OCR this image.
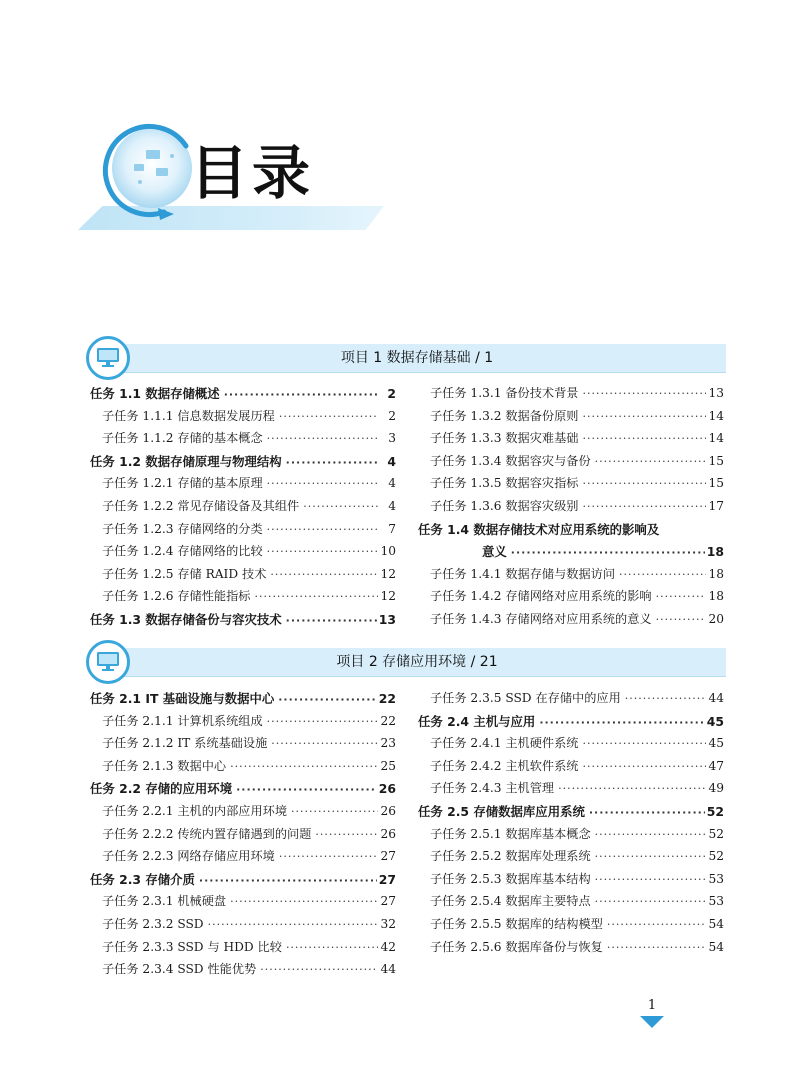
目录
项目 1 数据存储基础 / 1
任务 1.1 数据存储概述 ·····	2
子任务 1.1.1 信息数据发展历程 ·····	2
子任务 1.1.2 存储的基本概念 ·····	3
任务 1.2 数据存储原理与物理结构 ·····	4
子任务 1.2.1 存储的基本原理 ·····	4
子任务 1.2.2 常见存储设备及其组件 ·····	4
子任务 1.2.3 存储网络的分类 ·····	7
子任务 1.2.4 存储网络的比较 ·····	10
子任务 1.2.5 存储 RAID 技术 ·····	12
子任务 1.2.6 存储性能指标 ·····	12
任务 1.3 数据存储备份与容灾技术 ·····	13
子任务 1.3.1 备份技术背景 ·····	13
子任务 1.3.2 数据备份原则 ·····	14
子任务 1.3.3 数据灾难基础 ·····	14
子任务 1.3.4 数据容灾与备份 ·····	15
子任务 1.3.5 数据容灾指标 ·····	15
子任务 1.3.6 数据容灾级别 ·····	17
任务 1.4 数据存储技术对应用系统的影响及
意义 ·····	18
子任务 1.4.1 数据存储与数据访问 ·····	18
子任务 1.4.2 存储网络对应用系统的影响 ·····	18
子任务 1.4.3 存储网络对应用系统的意义 ·····	20
项目 2 存储应用环境 / 21
任务 2.1 IT 基础设施与数据中心 ·····	22
子任务 2.1.1 计算机系统组成 ·····	22
子任务 2.1.2 IT 系统基础设施 ·····	23
子任务 2.1.3 数据中心 ·····	25
任务 2.2 存储的应用环境 ·····	26
子任务 2.2.1 主机的内部应用环境 ·····	26
子任务 2.2.2 传统内置存储遇到的问题 ·····	26
子任务 2.2.3 网络存储应用环境 ·····	27
任务 2.3 存储介质 ·····	27
子任务 2.3.1 机械硬盘 ·····	27
子任务 2.3.2 SSD ·····	32
子任务 2.3.3 SSD 与 HDD 比较 ·····	42
子任务 2.3.4 SSD 性能优势 ·····	44
子任务 2.3.5 SSD 在存储中的应用 ·····	44
任务 2.4 主机与应用 ·····	45
子任务 2.4.1 主机硬件系统 ·····	45
子任务 2.4.2 主机软件系统 ·····	47
子任务 2.4.3 主机管理 ·····	49
任务 2.5 存储数据库应用系统 ·····	52
子任务 2.5.1 数据库基本概念 ·····	52
子任务 2.5.2 数据库处理系统 ·····	52
子任务 2.5.3 数据库基本结构 ·····	53
子任务 2.5.4 数据库主要特点 ·····	53
子任务 2.5.5 数据库的结构模型 ·····	54
子任务 2.5.6 数据库备份与恢复 ·····	54
1
